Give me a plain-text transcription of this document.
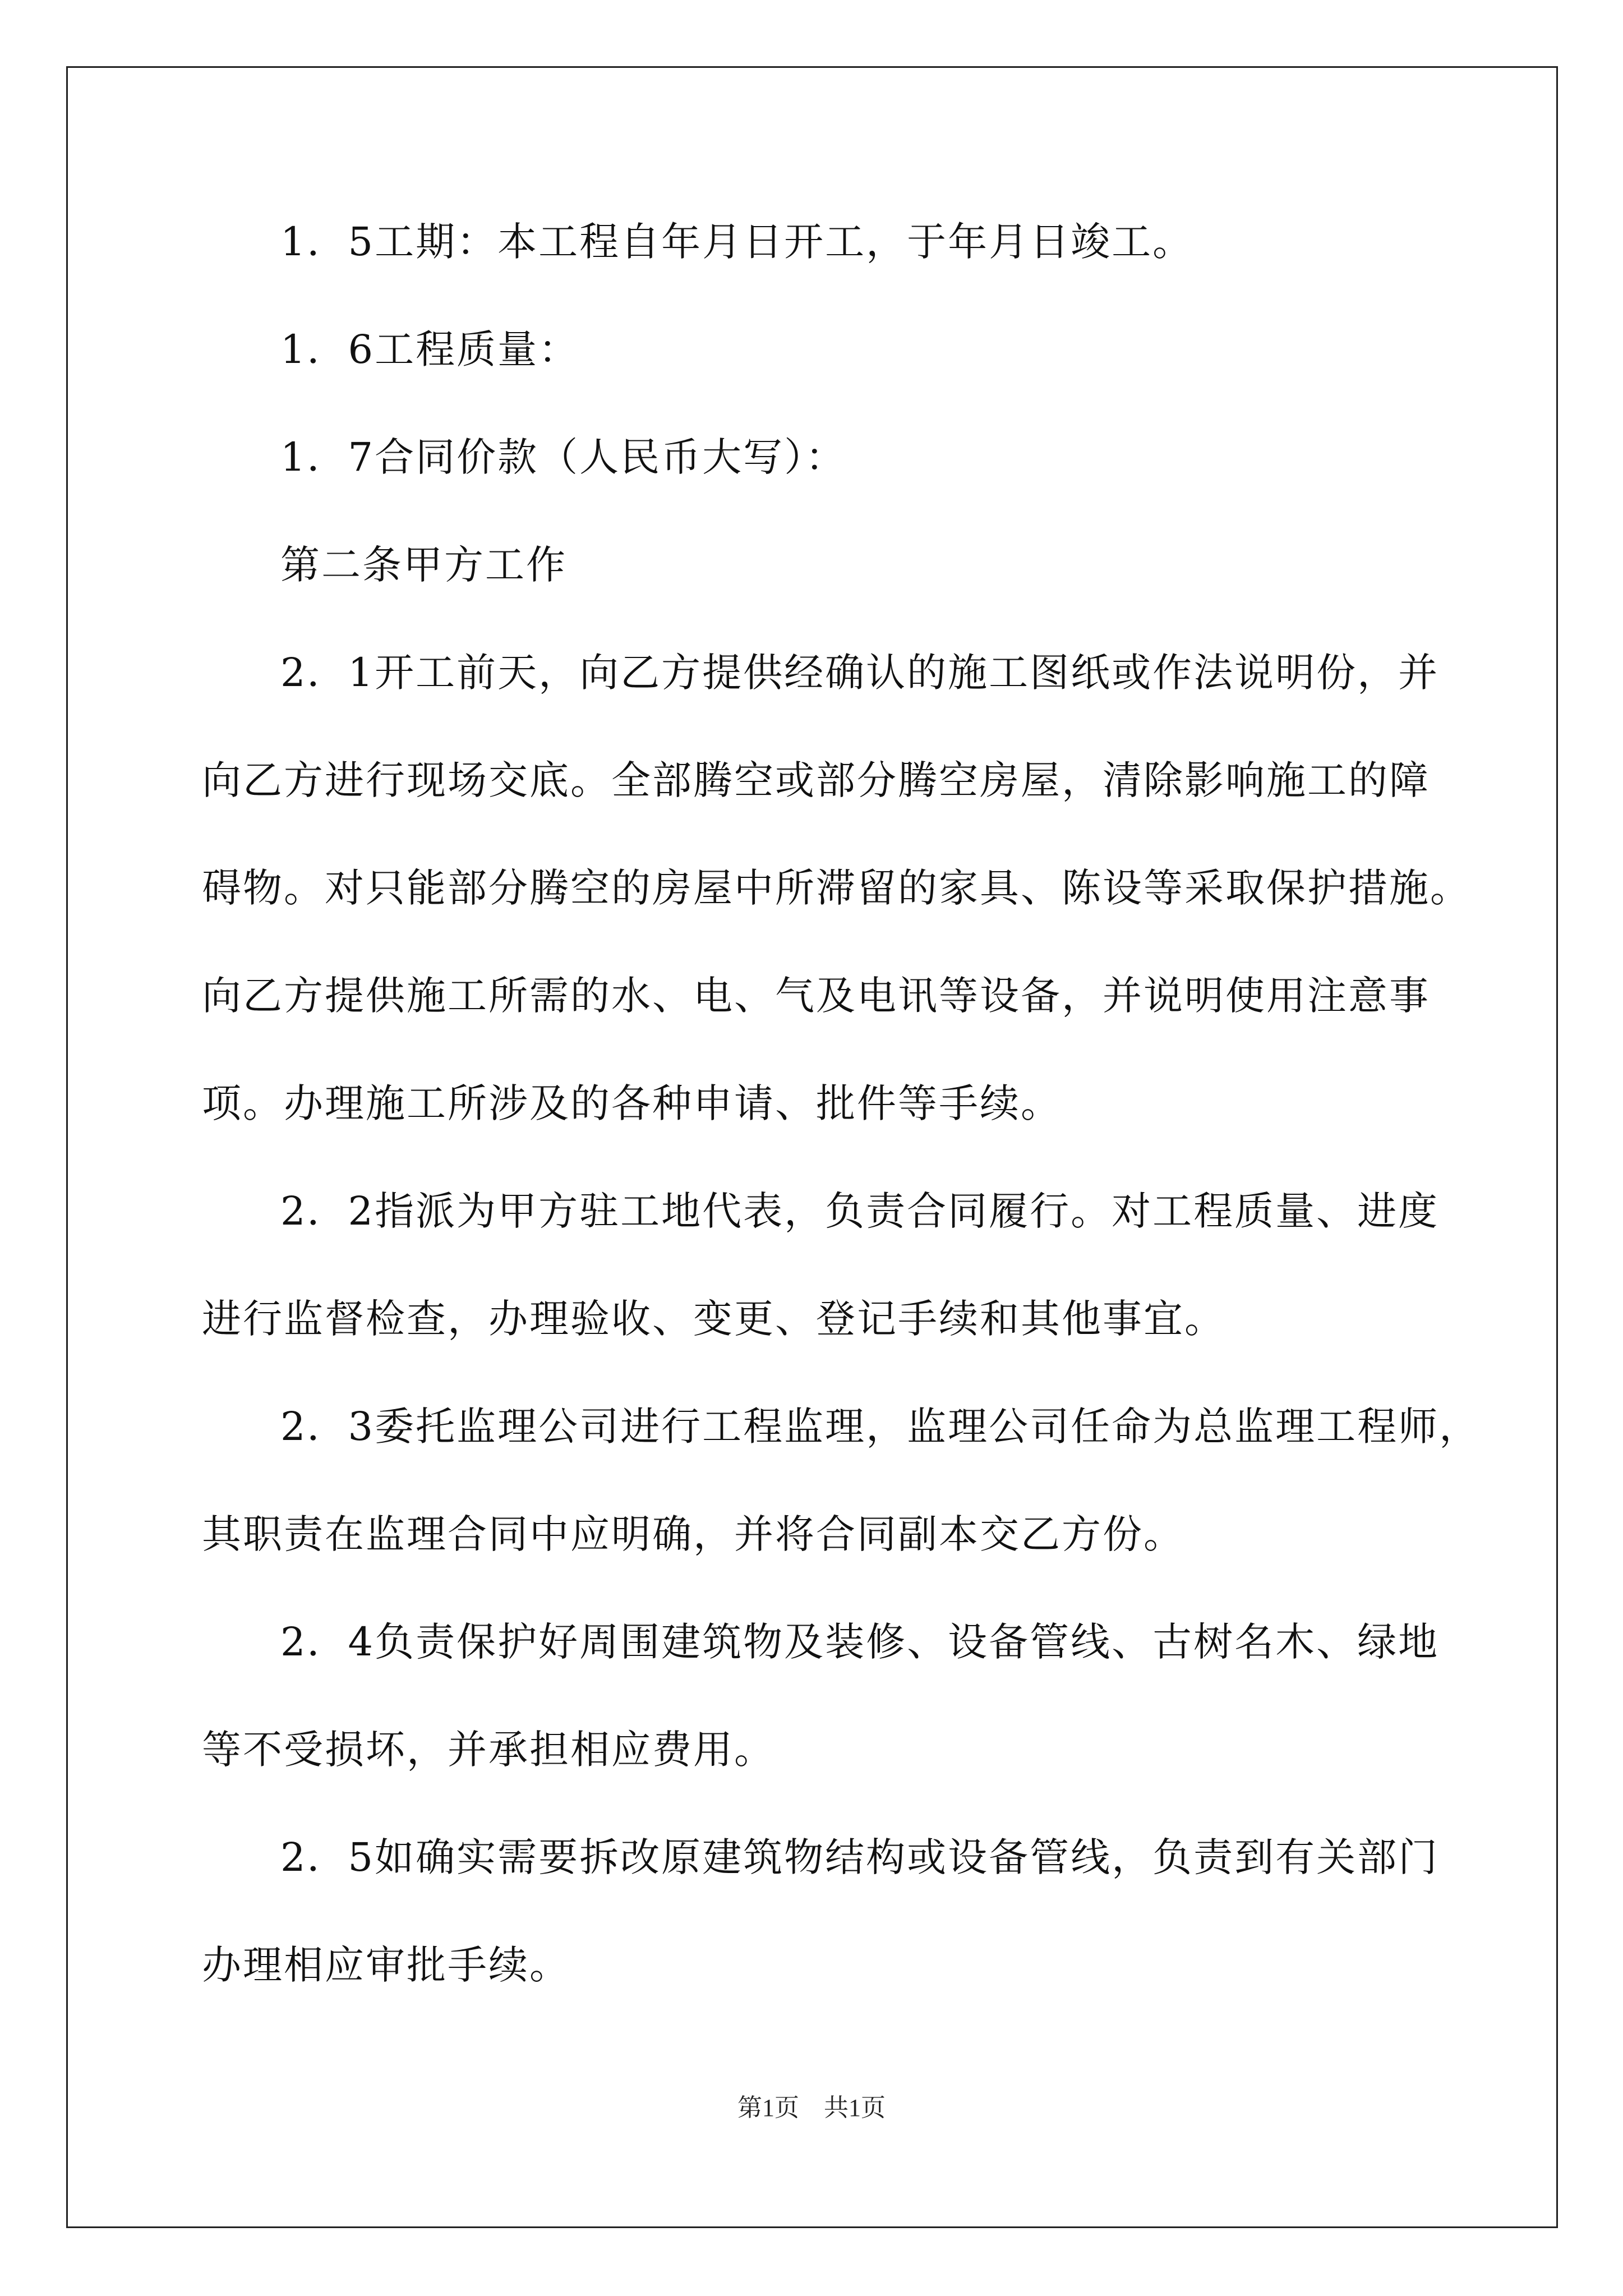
1．5工期：本工程自年月日开工，于年月日竣工。
1．6工程质量：
1．7合同价款（人民币大写）：
第二条甲方工作
2．1开工前天，向乙方提供经确认的施工图纸或作法说明份，并
向乙方进行现场交底。全部腾空或部分腾空房屋，清除影响施工的障
碍物。对只能部分腾空的房屋中所滞留的家具、陈设等采取保护措施。
向乙方提供施工所需的水、电、气及电讯等设备，并说明使用注意事
项。办理施工所涉及的各种申请、批件等手续。
2．2指派为甲方驻工地代表，负责合同履行。对工程质量、进度
进行监督检查，办理验收、变更、登记手续和其他事宜。
2．3委托监理公司进行工程监理，监理公司任命为总监理工程师，
其职责在监理合同中应明确，并将合同副本交乙方份。
2．4负责保护好周围建筑物及装修、设备管线、古树名木、绿地
等不受损坏，并承担相应费用。
2．5如确实需要拆改原建筑物结构或设备管线，负责到有关部门
办理相应审批手续。
第1页　共1页
